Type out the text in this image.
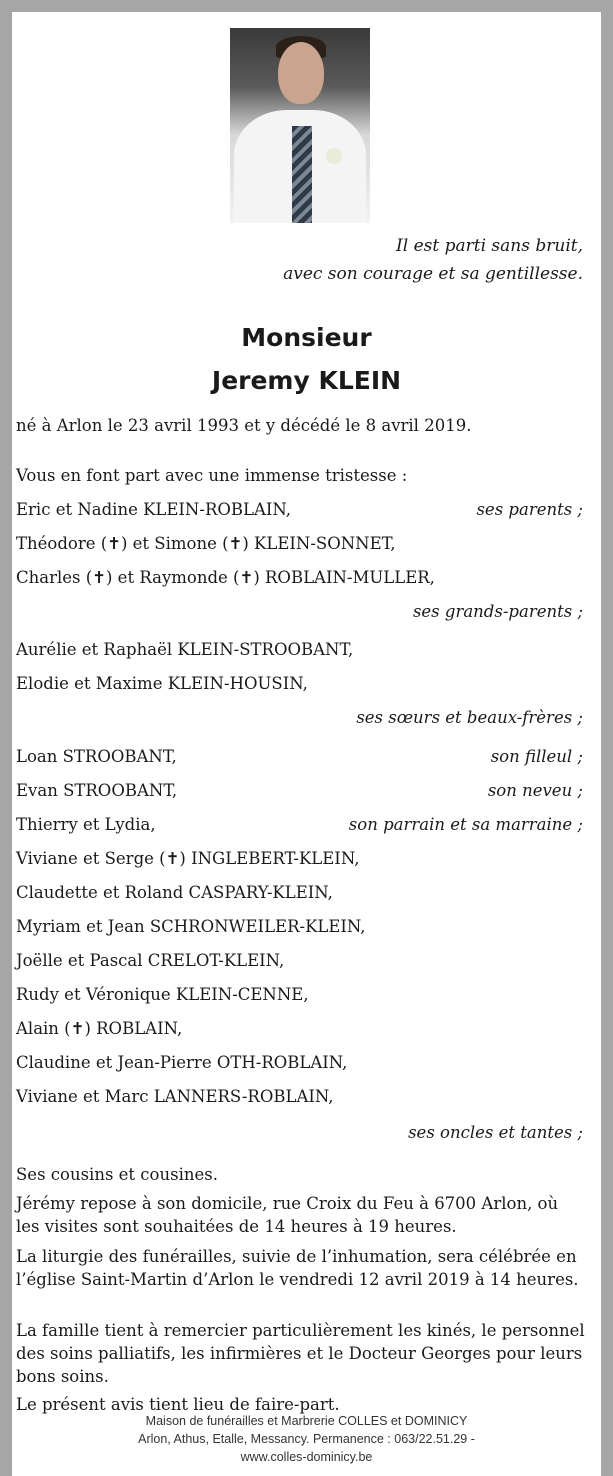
Il est parti sans bruit,
avec son courage et sa gentillesse.

Monsieur
Jeremy KLEIN
né à Arlon le 23 avril 1993 et y décédé le 8 avril 2019.
Vous en font part avec une immense tristesse :
Eric et Nadine KLEIN-ROBLAIN,	ses parents ;
Théodore (✝) et Simone (✝) KLEIN-SONNET,
Charles (✝) et Raymonde (✝) ROBLAIN-MULLER,
ses grands-parents ;
Aurélie et Raphaël KLEIN-STROOBANT,
Elodie et Maxime KLEIN-HOUSIN,
ses sœurs et beaux-frères ;
Loan STROOBANT,	son filleul ;
Evan STROOBANT,	son neveu ;
Thierry et Lydia,	son parrain et sa marraine ;
Viviane et Serge (✝) INGLEBERT-KLEIN,
Claudette et Roland CASPARY-KLEIN,
Myriam et Jean SCHRONWEILER-KLEIN,
Joëlle et Pascal CRELOT-KLEIN,
Rudy et Véronique KLEIN-CENNE,
Alain (✝) ROBLAIN,
Claudine et Jean-Pierre OTH-ROBLAIN,
Viviane et Marc LANNERS-ROBLAIN,
ses oncles et tantes ;

Ses cousins et cousines.

Jérémy repose à son domicile, rue Croix du Feu à 6700 Arlon, où les visites sont souhaitées de 14 heures à 19 heures.

La liturgie des funérailles, suivie de l’inhumation, sera célébrée en l’église Saint-Martin d’Arlon le vendredi 12 avril 2019 à 14 heures.

La famille tient à remercier particulièrement les kinés, le personnel des soins palliatifs, les infirmières et le Docteur Georges pour leurs bons soins.

Le présent avis tient lieu de faire-part.

Maison de funérailles et Marbrerie COLLES et DOMINICY
Arlon, Athus, Etalle, Messancy. Permanence : 063/22.51.29 -
www.colles-dominicy.be
